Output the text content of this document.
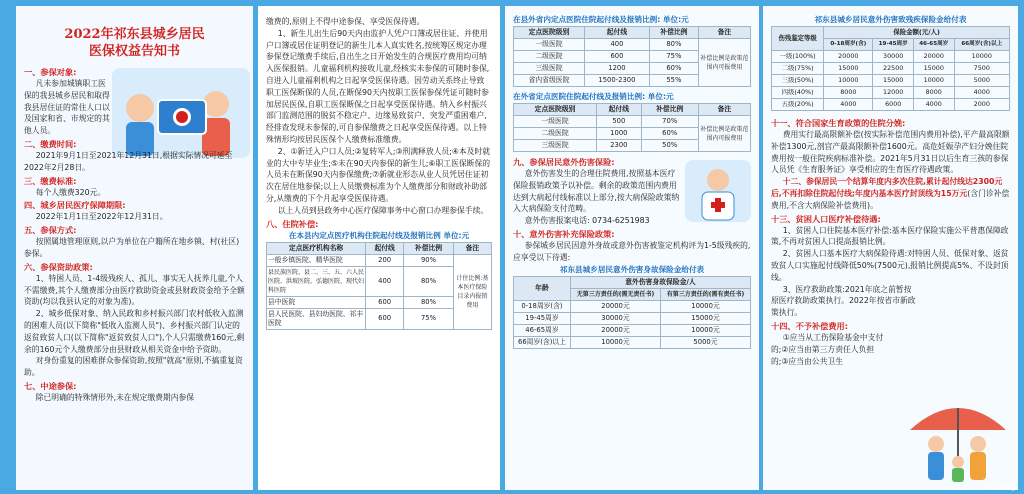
2022年祁东县城乡居民
医保权益告知书
一、参保对象:
凡未参加城镇职工医保的我县城乡居民和取得我县居住证的常住人口以及国家和省、市规定的其他人员。
二、缴费时间:
2021年9月1日至2021年12月31日,根据实际情况可延至2022年2月28日。
三、缴费标准:
每个人缴费320元。
四、城乡居民医疗保障期限:
2022年1月1日至2022年12月31日。
五、参保方式:
按照属地管理原则,以户为单位在户籍所在地乡镇、村(社区)参保。
六、参保资助政策:
1、特困人员、1-4级残疾人、孤儿、事实无人抚养儿童,个人不需缴费,其个人缴费部分由医疗救助资金或县财政资金给予全额资助(均以我县认定的对象为准)。
2、城乡低保对象、纳入民政和乡村振兴部门农村低收入监测的困难人员(以下简称"低收入监测人员")、乡村振兴部门认定的返贫致贫人口(以下简称"返贫致贫人口"),个人只需缴费160元,剩余的160元个人缴费部分由县财政从相关资金中给予资助。
对身份重复的困难群众参保资助,按照"就高"原则,不搞重复资助。
七、中途参保:
除已明确的特殊情形外,未在规定缴费期内参保
缴费的,原则上不得中途参保、享受医保待遇。
1、新生儿出生后90天内由监护人凭户口簿或居住证、并使用户口簿或居住证明登记的新生儿本人真实姓名,按统筹区规定办理参保登记缴费手续后,自出生之日开始发生的合规医疗费用均可纳入医保报销。儿童福利机构接收儿童,经核实未参保的可随时参保,自进入儿童福利机构之日起享受医保待遇。因劳动关系终止导致职工医保断保的人员,在断保90天内按职工医保参保凭证可随时参加居民医保,自职工医保断保之日起享受医保待遇。纳入乡村振兴部门监测范围的脱贫不稳定户、边缘易致贫户、突发严重困难户,经排查发现未参保的,可自参保缴费之日起享受医保待遇。以上特殊情形均按居民医保个人缴费标准缴费。
2、①新迁入户口人员;②复转军人;③刑满释放人员;④本及时就业的大中专毕业生;⑤未在90天内参保的新生儿;⑥职工医保断保的人员未在断保90天内参保缴费;⑦新就业形态从业人员凭居住证初次在居住地参保;以上人员缴费标准为个人缴费部分和财政补助部分,从缴费的下个月起享受医保待遇。
以上人员到县政务中心医疗保障事务中心窗口办理参保手续。
八、住院补偿:
在本县内定点医疗机构住院起付线及报销比例 单位:元
定点医疗机构名称	起付线	补偿比例	备注
一般乡镇医院、精华医院	200	90%	计住比例:基本医疗保险目录内报销费用
县民族医院、县二、三、五、六人民医院、洪坡医院、弘德医院、现代妇科医院	400	80%	
县中医院	600	80%	
县人民医院、县妇幼医院、祁丰医院	600	75%	
在县外省内定点医院住院起付线及报销比例: 单位:元
定点医院级别	起付线	补偿比例	备注
一级医院	400	80%	补偿比例是政策范围内可报费用
二级医院	600	75%	
三级医院	1200	60%	
省内省级医院	1500-2300	55%	
在外省定点医院住院起付线及报销比例: 单位:元
定点医院级别	起付线	补偿比例	备注
一级医院	500	70%	补偿比例是政策范围内可报费用
二级医院	1000	60%	
三级医院	2300	50%	
九、参保居民意外伤害保险:
意外伤害发生的合理住院费用,按照基本医疗保险报销政策予以补偿。剩余的政策范围内费用达到大病起付线标准以上部分,按大病保险政策纳入大病保险支付范畴。
意外伤害报案电话: 0734-6251983
十、意外伤害补充保险政策:
参保城乡居民因意外身故或意外伤害被鉴定机构评为1-5级残疾的,应享受以下待遇:
祁东县城乡居民意外伤害身故保险金给付表
年龄	意外伤害身故保险金/人	
	无第三方责任的(需无责任书)	有第三方责任的(需有责任书)
0-18周岁(含)	20000元	10000元
19-45周岁	30000元	15000元
46-65周岁	20000元	10000元
66周岁(含)以上	10000元	5000元
祁东县城乡居民意外伤害致残疾保险金给付表
伤残鉴定等级	保险金额(元/人)			
	0-18周岁(含)	19-45周岁	46-65周岁	66周岁(含)以上
一级(100%)	20000	30000	20000	10000
二级(75%)	15000	22500	15000	7500
三级(50%)	10000	15000	10000	5000
四级(40%)	8000	12000	8000	4000
五级(20%)	4000	6000	4000	2000
十一、符合国家生育政策的住院分娩:
费用实行最高限额补偿(按实际补偿范围内费用补偿),平产最高限额补偿1300元,剖宫产最高限额补偿1600元。高危妊娠孕产妇分娩住院费用按一般住院疾病标准补偿。2021年5月31日以后生育三孩的参保人员凭《生育服务证》享受相应的生育医疗待遇政策。
十二、参保居民一个结算年度内多次住院,累计起付线达2300元后,不再扣除住院起付线;年度内基本医疗封顶线为15万元(含门诊补偿费用,不含大病保险补偿费用)。
十三、贫困人口医疗补偿待遇:
1、贫困人口住院基本医疗补偿:基本医疗保险实施公平普惠保障政策,不再对贫困人口提高报销比例。
2、贫困人口基本医疗大病保险待遇:对特困人员、低保对象、返贫致贫人口实施起付线降低50%(7500元),报销比例提高5%、不设封顶线。
3、医疗救助政策:2021年底之前暂按原医疗救助政策执行。2022年按省市新政策执行。
十四、不予补偿费用:
①应当从工伤保险基金中支付的;②应当由第三方责任人负担的;③应当由公共卫生
vnreup
